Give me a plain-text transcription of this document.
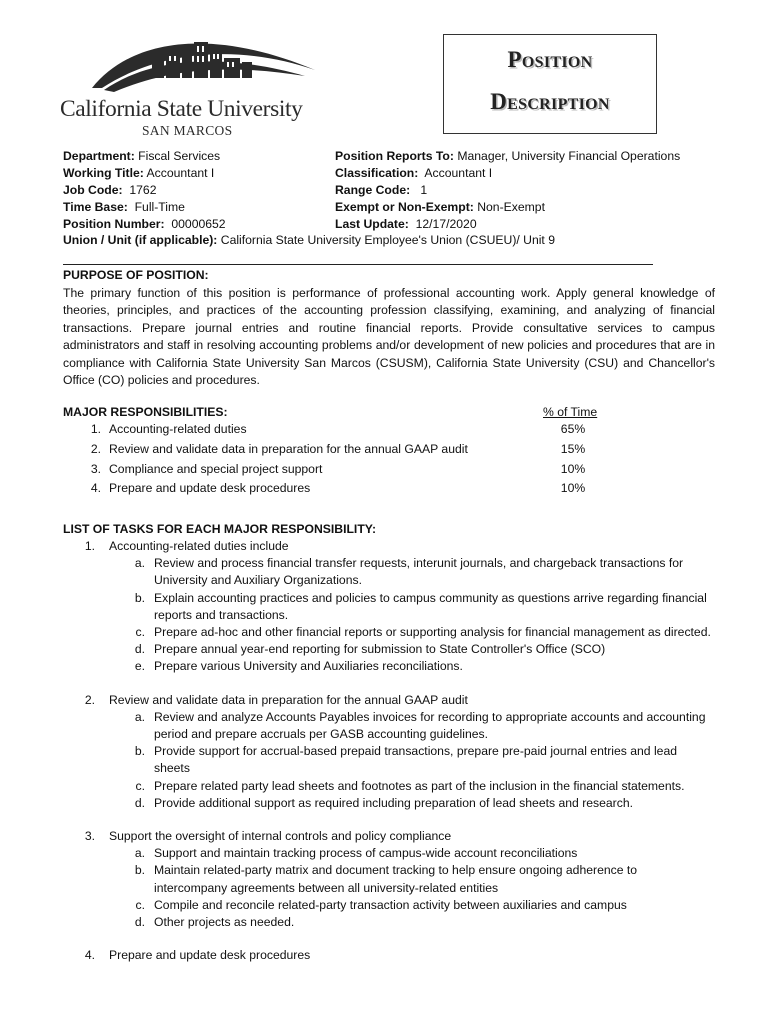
California State University
SAN MARCOS
Position
Description
Department: Fiscal Services
Working Title: Accountant I
Job Code: 1762
Time Base: Full-Time
Position Number: 00000652
Position Reports To: Manager, University Financial Operations
Classification: Accountant I
Range Code: 1
Exempt or Non-Exempt: Non-Exempt
Last Update: 12/17/2020
Union / Unit (if applicable): California State University Employee's Union (CSUEU)/ Unit 9
PURPOSE OF POSITION:
The primary function of this position is performance of professional accounting work. Apply general knowledge of theories, principles, and practices of the accounting profession classifying, examining, and analyzing of financial transactions. Prepare journal entries and routine financial reports. Provide consultative services to campus administrators and staff in resolving accounting problems and/or development of new policies and procedures that are in compliance with California State University San Marcos (CSUSM), California State University (CSU) and Chancellor's Office (CO) policies and procedures.
MAJOR RESPONSIBILITIES:	% of Time
1. Accounting-related duties	65%
2. Review and validate data in preparation for the annual GAAP audit	15%
3. Compliance and special project support	10%
4. Prepare and update desk procedures	10%
LIST OF TASKS FOR EACH MAJOR RESPONSIBILITY:
1. Accounting-related duties include
a. Review and process financial transfer requests, interunit journals, and chargeback transactions for University and Auxiliary Organizations.
b. Explain accounting practices and policies to campus community as questions arrive regarding financial reports and transactions.
c. Prepare ad-hoc and other financial reports or supporting analysis for financial management as directed.
d. Prepare annual year-end reporting for submission to State Controller's Office (SCO)
e. Prepare various University and Auxiliaries reconciliations.
2. Review and validate data in preparation for the annual GAAP audit
a. Review and analyze Accounts Payables invoices for recording to appropriate accounts and accounting period and prepare accruals per GASB accounting guidelines.
b. Provide support for accrual-based prepaid transactions, prepare pre-paid journal entries and lead sheets
c. Prepare related party lead sheets and footnotes as part of the inclusion in the financial statements.
d. Provide additional support as required including preparation of lead sheets and research.
3. Support the oversight of internal controls and policy compliance
a. Support and maintain tracking process of campus-wide account reconciliations
b. Maintain related-party matrix and document tracking to help ensure ongoing adherence to intercompany agreements between all university-related entities
c. Compile and reconcile related-party transaction activity between auxiliaries and campus
d. Other projects as needed.
4. Prepare and update desk procedures
